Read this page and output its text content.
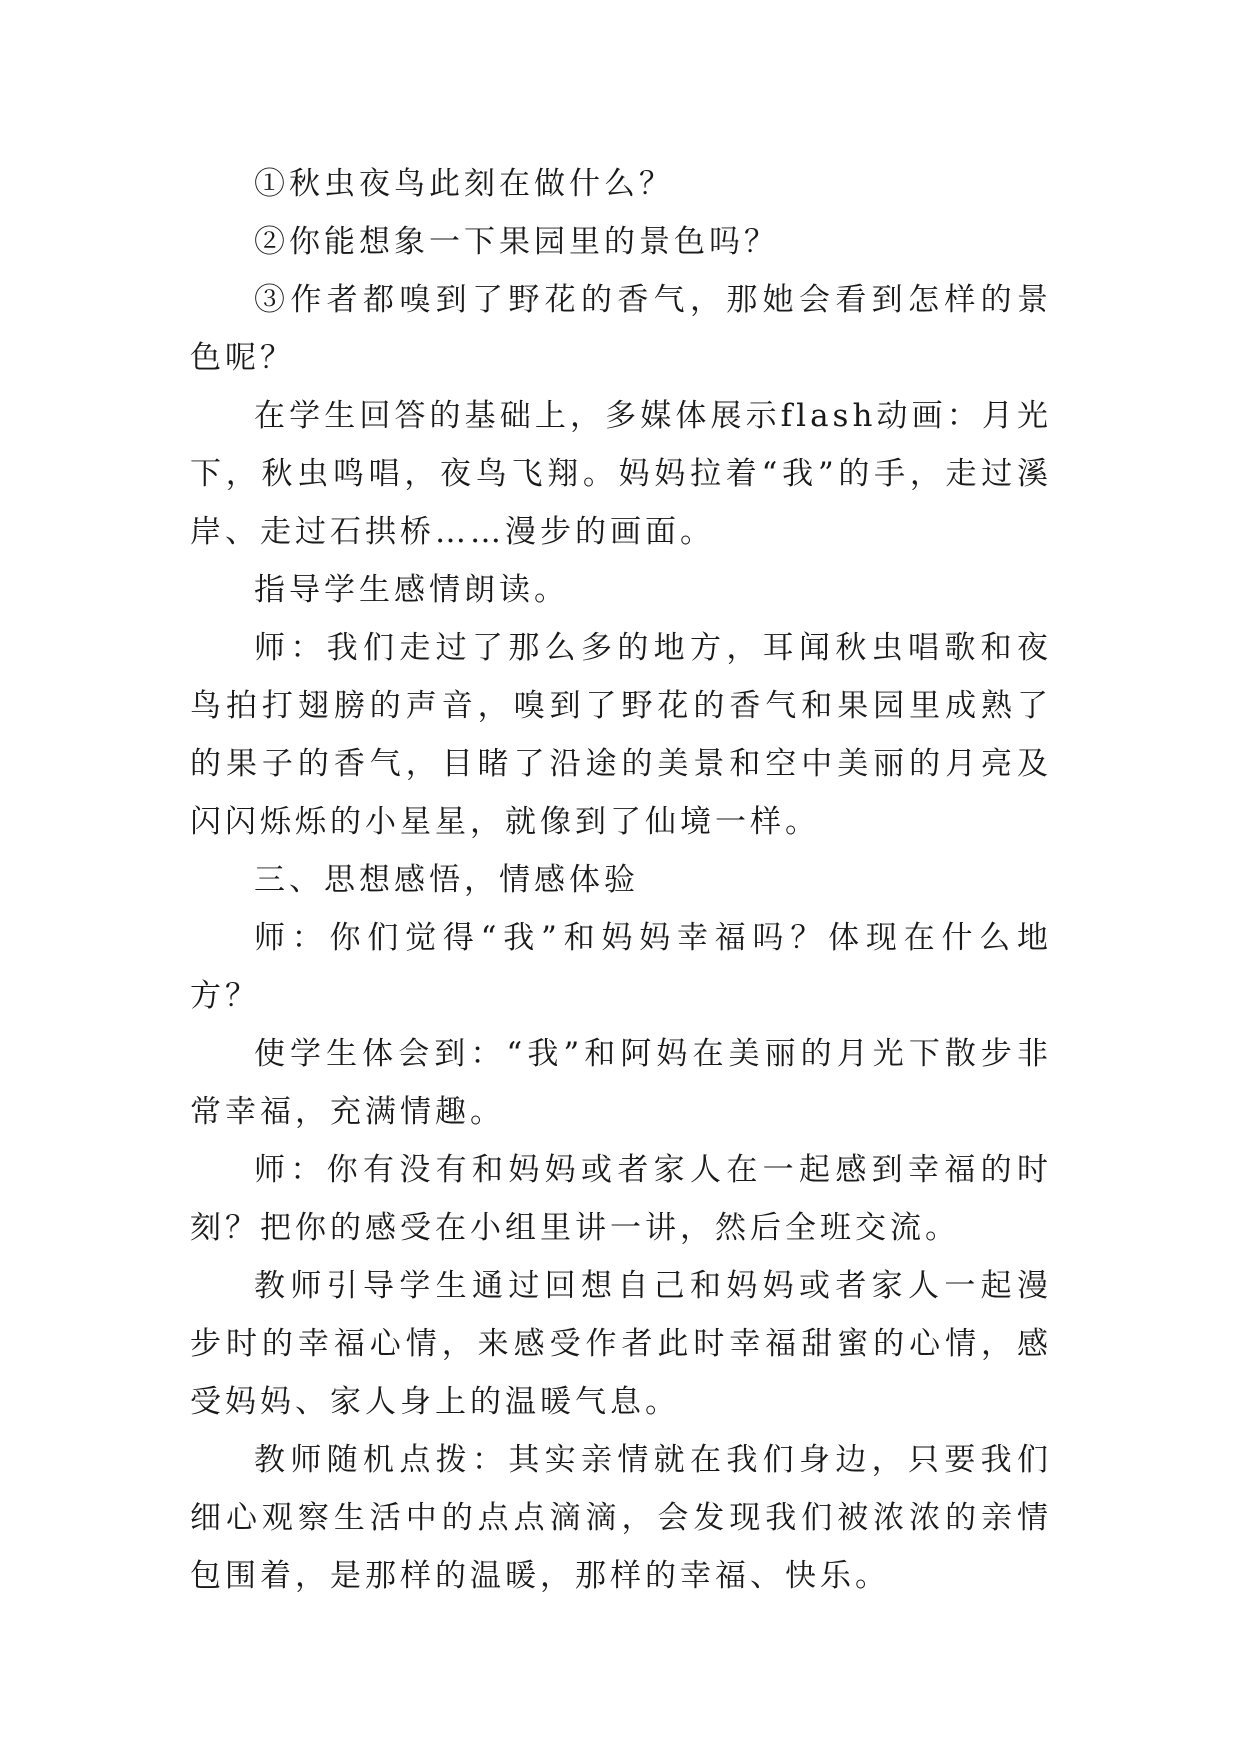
①秋虫夜鸟此刻在做什么？

②你能想象一下果园里的景色吗？

③作者都嗅到了野花的香气，那她会看到怎样的景色呢？

在学生回答的基础上，多媒体展示flash动画：月光下，秋虫鸣唱，夜鸟飞翔。妈妈拉着“我”的手，走过溪岸、走过石拱桥……漫步的画面。

指导学生感情朗读。

师：我们走过了那么多的地方，耳闻秋虫唱歌和夜鸟拍打翅膀的声音，嗅到了野花的香气和果园里成熟了的果子的香气，目睹了沿途的美景和空中美丽的月亮及闪闪烁烁的小星星，就像到了仙境一样。

三、思想感悟，情感体验

师：你们觉得“我”和妈妈幸福吗？体现在什么地方？

使学生体会到：“我”和阿妈在美丽的月光下散步非常幸福，充满情趣。

师：你有没有和妈妈或者家人在一起感到幸福的时刻？把你的感受在小组里讲一讲，然后全班交流。

教师引导学生通过回想自己和妈妈或者家人一起漫步时的幸福心情，来感受作者此时幸福甜蜜的心情，感受妈妈、家人身上的温暖气息。

教师随机点拨：其实亲情就在我们身边，只要我们细心观察生活中的点点滴滴，会发现我们被浓浓的亲情包围着，是那样的温暖，那样的幸福、快乐。
